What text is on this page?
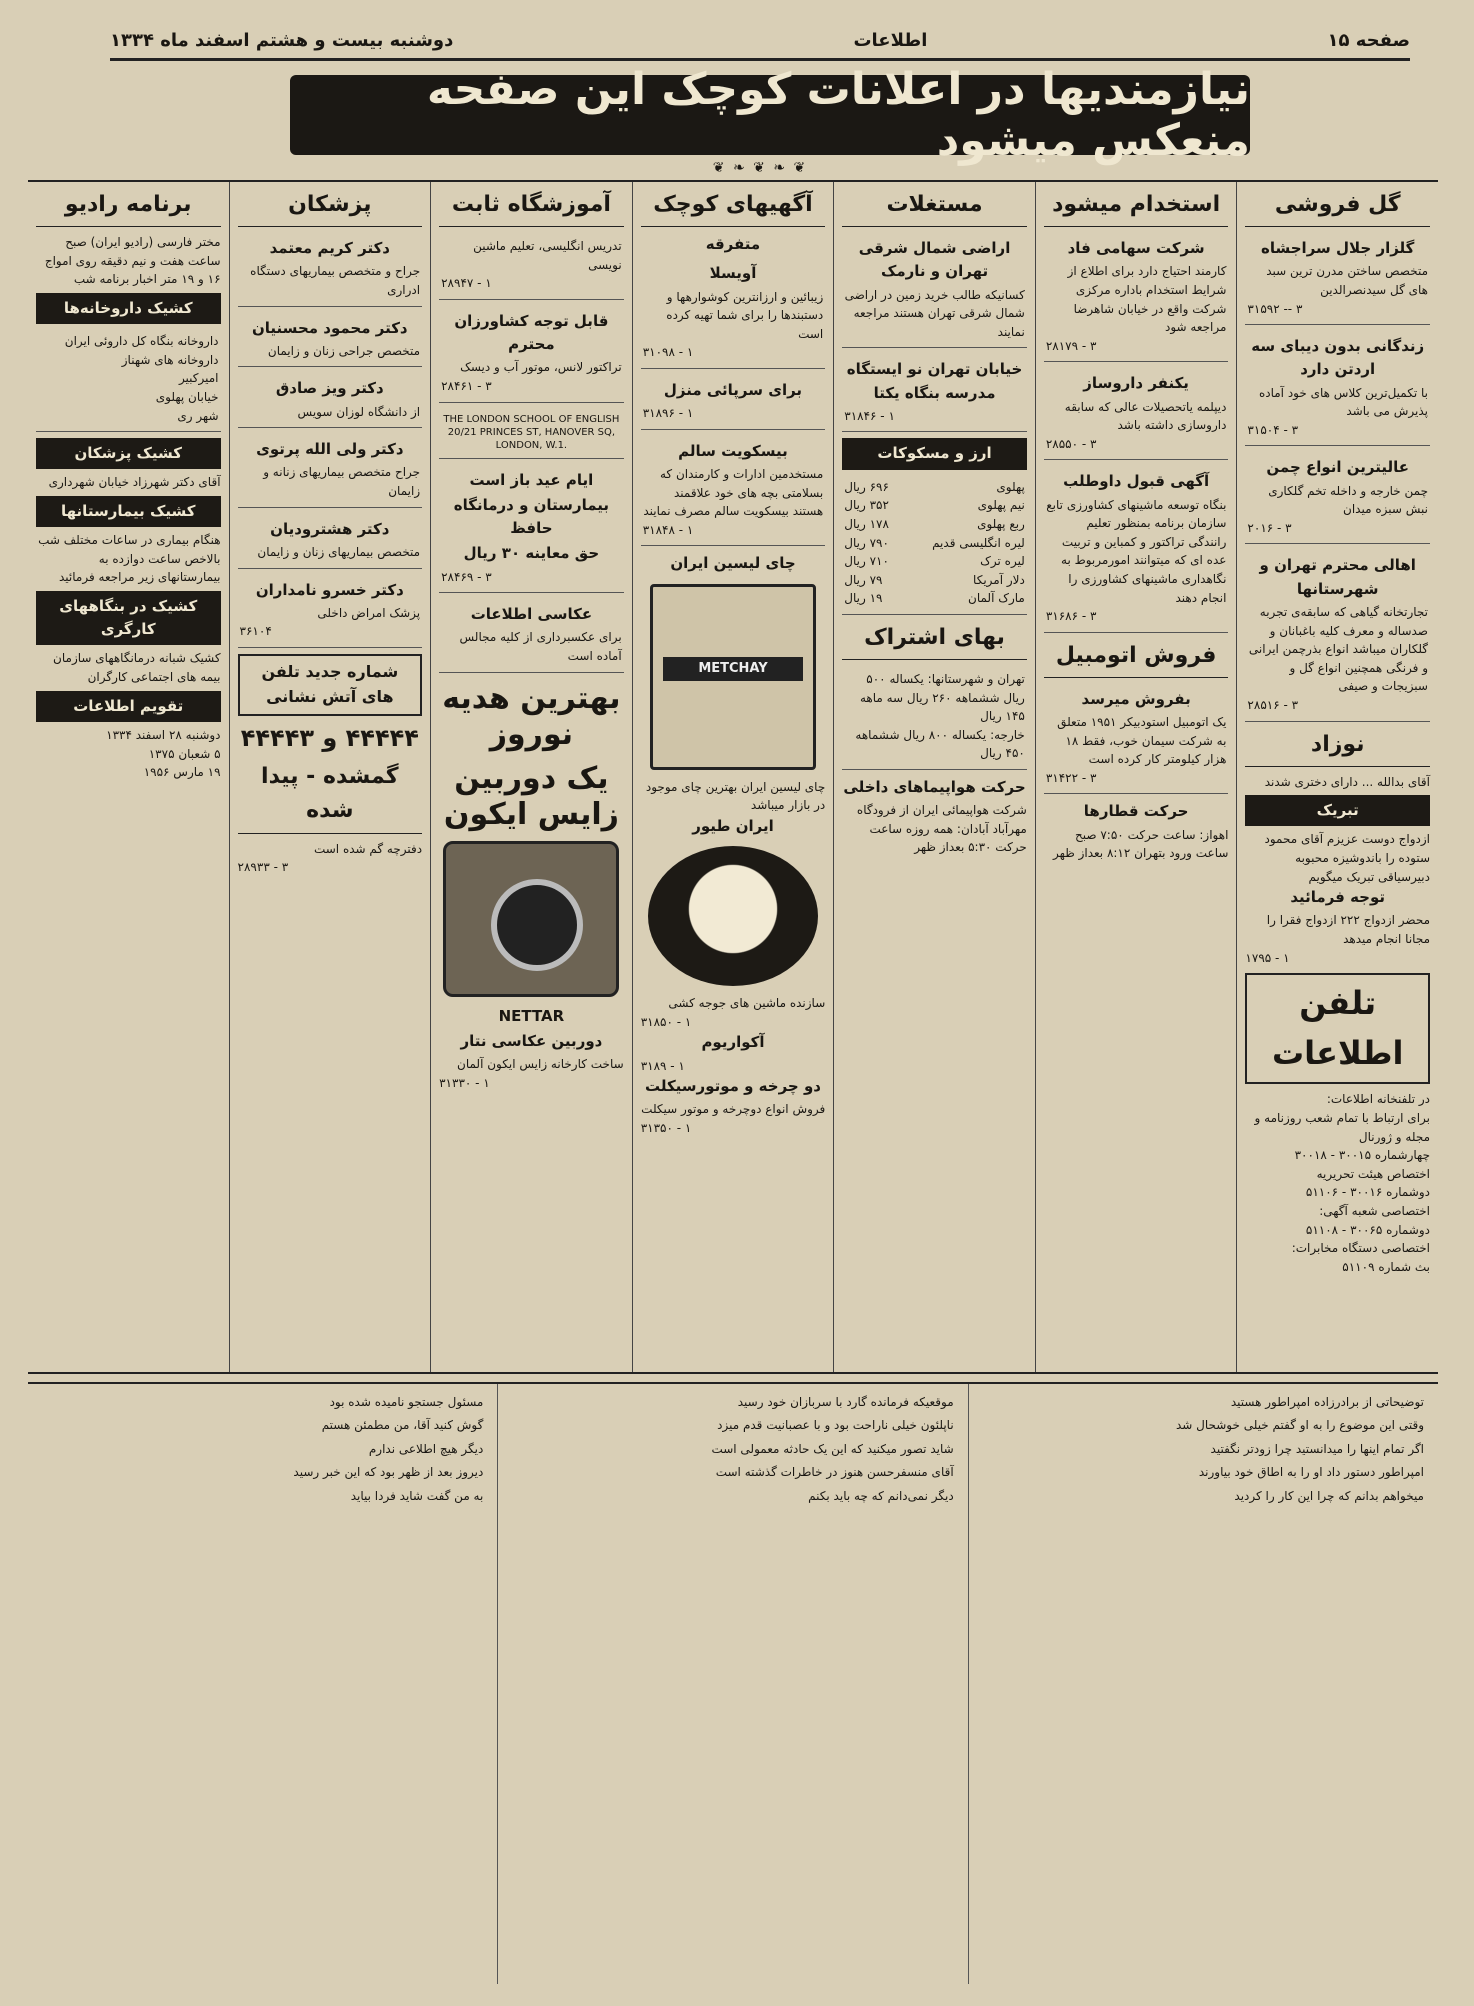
صفحه ۱۵
اطلاعات
دوشنبه بیست و هشتم اسفند ماه ۱۳۳۴
نیازمندیها در اعلانات کوچک این صفحه منعکس میشود
❦ ❧ ❦ ❧ ❦
گل فروشی
گلزار جلال سراجشاه
متخصص ساختن مدرن ترین سبد های گل سیدنصرالدین
۳۱۵۹۲ -- ۳
زندگانی بدون دیبای سه اردتن دارد
با تکمیل‌ترین کلاس های خود آماده پذیرش می باشد
۳۱۵۰۴ - ۳
عالیترین انواع چمن
چمن خارجه و داخله تخم گلکاری نبش سبزه میدان
۲۰۱۶ - ۳
اهالی محترم تهران و شهرستانها
تجارتخانه گیاهی که سابقه‌ی تجربه صدساله و معرف کلیه باغبانان و گلکاران میباشد انواع بذرچمن ایرانی و فرنگی همچنین انواع گل و سبزیجات و صیفی
۲۸۵۱۶ - ۳
نوزاد
آقای بدالله ... دارای دختری شدند
تبریک
ازدواج دوست عزیزم آقای محمود ستوده را باندوشیزه محبوبه دبیرسیاقی تبریک میگویم
توجه فرمائید
محضر ازدواج ۲۲۲ ازدواج فقرا را مجانا انجام میدهد
۱۷۹۵ - ۱
تلفن اطلاعات
در تلفنخانه اطلاعات:
برای ارتباط با تمام شعب روزنامه و مجله و ژورنال
چهارشماره ۳۰۰۱۵ - ۳۰۰۱۸
اختصاص هیئت تحریریه
دوشماره ۳۰۰۱۶ - ۵۱۱۰۶
اختصاصی شعبه آگهی:
دوشماره ۳۰۰۶۵ - ۵۱۱۰۸
اختصاصی دستگاه مخابرات:
بث شماره ۵۱۱۰۹
استخدام میشود
شرکت سهامی فاد
کارمند احتیاج دارد برای اطلاع از شرایط استخدام باداره مرکزی شرکت واقع در خیابان شاهرضا مراجعه شود
۲۸۱۷۹ - ۳
یکنفر داروساز
دیپلمه یاتحصیلات عالی که سابقه داروسازی داشته باشد
۲۸۵۵۰ - ۳
آگهی قبول داوطلب
بنگاه توسعه ماشینهای کشاورزی تابع سازمان برنامه بمنظور تعلیم رانندگی تراکتور و کمباین و تربیت عده ای که میتوانند امورمربوط به نگاهداری ماشینهای کشاورزی را انجام دهند
۳۱۶۸۶ - ۳
فروش اتومبیل
بفروش میرسد
یک اتومبیل استودبیکر ۱۹۵۱ متعلق به شرکت سیمان خوب، فقط ۱۸ هزار کیلومتر کار کرده است
۳۱۴۲۲ - ۳
حرکت قطارها
اهواز: ساعت حرکت ۷:۵۰ صبح ساعت ورود بتهران ۸:۱۲ بعداز ظهر
مستغلات
اراضی شمال شرقی تهران و نارمک
کسانیکه طالب خرید زمین در اراضی شمال شرقی تهران هستند مراجعه نمایند
خیابان تهران نو ایستگاه مدرسه بنگاه یکتا
۳۱۸۴۶ - ۱
ارز و مسکوکات
پهلوی
۶۹۶ ریال
نیم پهلوی
۳۵۲ ریال
ربع پهلوی
۱۷۸ ریال
لیره انگلیسی قدیم
۷۹۰ ریال
لیره ترک
۷۱۰ ریال
دلار آمریکا
۷۹ ریال
مارک آلمان
۱۹ ریال
بهای اشتراک
تهران و شهرستانها: یکساله ۵۰۰ ریال ششماهه ۲۶۰ ریال سه ماهه ۱۴۵ ریال
خارجه: یکساله ۸۰۰ ریال ششماهه ۴۵۰ ریال
حرکت هواپیماهای داخلی
شرکت هواپیمائی ایران از فرودگاه مهرآباد آبادان: همه روزه ساعت حرکت ۵:۳۰ بعداز ظهر
آگهیهای کوچک
متفرقه
آویسلا
زیبائین و ارزانترین کوشوارهها و دستبندها را برای شما تهیه کرده است
۳۱۰۹۸ - ۱
برای سرپائی منزل
۳۱۸۹۶ - ۱
بیسکویت سالم
مستخدمین ادارات و کارمندان که بسلامتی بچه های خود علاقمند هستند بیسکویت سالم مصرف نمایند
۳۱۸۴۸ - ۱
چای لیسین ایران
METCHAY
چای لیسین ایران بهترین چای موجود در بازار میباشد
ایران طیور
سازنده ماشین های جوجه کشی
۳۱۸۵۰ - ۱
آکواریوم
۳۱۸۹ - ۱
دو چرخه و موتورسیکلت
فروش انواع دوچرخه و موتور سیکلت
۳۱۳۵۰ - ۱
آموزشگاه ثابت
تدریس انگلیسی، تعلیم ماشین نویسی
۲۸۹۴۷ - ۱
قابل توجه کشاورزان محترم
تراکتور لانس، موتور آب و دیسک
۲۸۴۶۱ - ۳
THE LONDON SCHOOL OF ENGLISH
20/21 PRINCES ST, HANOVER SQ, LONDON, W.1.
ایام عید باز است
بیمارستان و درمانگاه حافظ
حق معاینه ۳۰ ریال
۲۸۴۶۹ - ۳
عکاسی اطلاعات
برای عکسبرداری از کلیه مجالس آماده است
بهترین هدیه نوروز
یک دوربین زایس ایکون
NETTAR
دوربین عکاسی نتار
ساخت کارخانه زایس ایکون آلمان
۳۱۳۳۰ - ۱
پزشکان
دکتر کریم معتمد
جراح و متخصص بیماریهای دستگاه ادراری
دکتر محمود محسنیان
متخصص جراحی زنان و زایمان
دکتر ویز صادق
از دانشگاه لوزان سویس
دکتر ولی الله پرتوی
جراح متخصص بیماریهای زنانه و زایمان
دکتر هشترودیان
متخصص بیماریهای زنان و زایمان
دکتر خسرو نامداران
پزشک امراض داخلی
۳۶۱۰۴
شماره جدید تلفن های آتش نشانی
۴۴۴۴۴ و ۴۴۴۴۳
گمشده - پیدا شده
دفترچه گم شده است
۲۸۹۳۳ - ۳
برنامه رادیو
مختر فارسی (رادیو ایران) صبح ساعت هفت و نیم دقیقه روی امواج ۱۶ و ۱۹ متر اخبار برنامه شب
کشیک داروخانه‌ها
داروخانه بنگاه کل داروئی ایران
داروخانه های شهناز
امیرکبیر
خیابان پهلوی
شهر ری
کشیک پزشکان
آقای دکتر شهرزاد خیابان شهرداری
کشیک بیمارستانها
هنگام بیماری در ساعات مختلف شب بالاخص ساعت دوازده به بیمارستانهای زیر مراجعه فرمائید
کشیک در بنگاههای کارگری
کشیک شبانه درمانگاههای سازمان بیمه های اجتماعی کارگران
تقویم اطلاعات
دوشنبه ۲۸ اسفند ۱۳۳۴
۵ شعبان ۱۳۷۵
۱۹ مارس ۱۹۵۶
توضیحاتی از برادرزاده امپراطور هستید
وقتی این موضوع را به او گفتم خیلی خوشحال شد
اگر تمام اینها را میدانستید چرا زودتر نگفتید
امپراطور دستور داد او را به اطاق خود بیاورند
میخواهم بدانم که چرا این کار را کردید
موقعیکه فرمانده گارد با سربازان خود رسید
ناپلئون خیلی ناراحت بود و با عصبانیت قدم میزد
شاید تصور میکنید که این یک حادثه معمولی است
آقای منسفرحسن هنوز در خاطرات گذشته است
دیگر نمی‌دانم که چه باید بکنم
مسئول جستجو نامیده شده بود
گوش کنید آقا، من مطمئن هستم
دیگر هیچ اطلاعی ندارم
دیروز بعد از ظهر بود که این خبر رسید
به من گفت شاید فردا بیاید
